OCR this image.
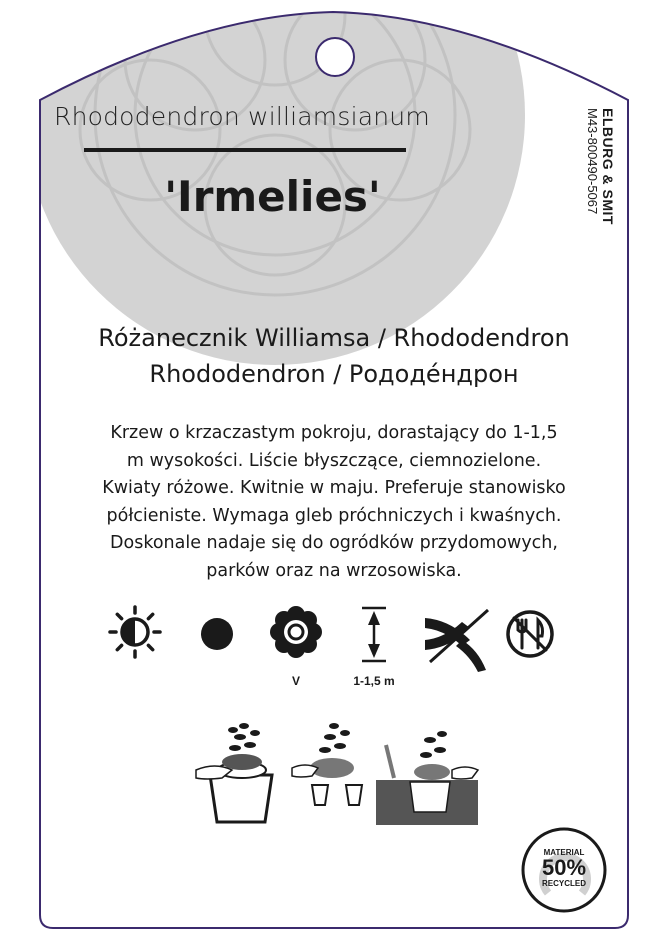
Rhododendron williamsianum
'Irmelies'	ELBURG & SMIT
M43-800490-5067
Różanecznik Williamsa / Rhododendron
Rhododendron / Рододе́ндрон
Krzew o krzaczastym pokroju, dorastający do 1-1,5
m wysokości. Liście błyszczące, ciemnozielone.
Kwiaty różowe. Kwitnie w maju. Preferuje stanowisko
półcieniste. Wymaga gleb próchniczych i kwaśnych.
Doskonale nadaje się do ogródków przydomowych,
parków oraz na wrzosowiska.
V	1-1,5 m
MATERIAL
50%
RECYCLED
